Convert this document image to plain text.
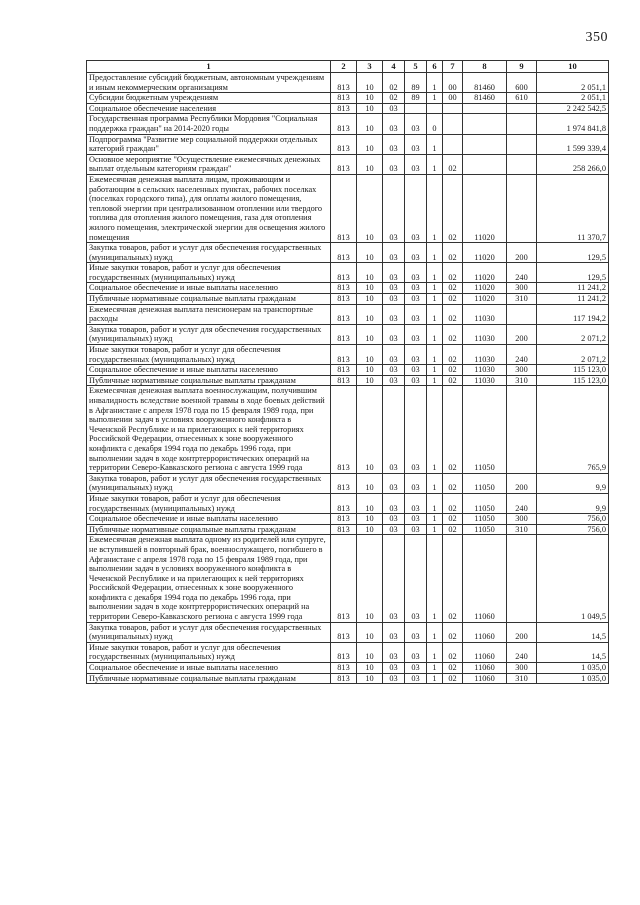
350
1	2	3	4	5	6	7	8	9	10
Предоставление субсидий бюджетным, автономным учреждениям и иным некоммерческим организациям	813	10	02	89	1	00	81460	600	2 051,1
Субсидии бюджетным учреждениям	813	10	02	89	1	00	81460	610	2 051,1
Социальное обеспечение населения	813	10	03						2 242 542,5
Государственная программа Республики Мордовия "Социальная поддержка граждан" на 2014-2020 годы	813	10	03	03	0				1 974 841,8
Подпрограмма "Развитие мер социальной поддержки отдельных категорий граждан"	813	10	03	03	1				1 599 339,4
Основное мероприятие "Осуществление ежемесячных денежных выплат отдельным категориям граждан"	813	10	03	03	1	02			258 266,0
Ежемесячная денежная выплата лицам, проживающим и работающим в сельских населенных пунктах, рабочих поселках (поселках городского типа), для оплаты жилого помещения, тепловой энергии при централизованном отоплении или твердого топлива для отопления жилого помещения, газа для отопления жилого помещения, электрической энергии для освещения жилого помещения	813	10	03	03	1	02	11020		11 370,7
Закупка товаров, работ и услуг для обеспечения государственных (муниципальных) нужд	813	10	03	03	1	02	11020	200	129,5
Иные закупки товаров, работ и услуг для обеспечения государственных (муниципальных) нужд	813	10	03	03	1	02	11020	240	129,5
Социальное обеспечение и иные выплаты населению	813	10	03	03	1	02	11020	300	11 241,2
Публичные нормативные социальные выплаты гражданам	813	10	03	03	1	02	11020	310	11 241,2
Ежемесячная денежная выплата пенсионерам на транспортные расходы	813	10	03	03	1	02	11030		117 194,2
Закупка товаров, работ и услуг для обеспечения государственных (муниципальных) нужд	813	10	03	03	1	02	11030	200	2 071,2
Иные закупки товаров, работ и услуг для обеспечения государственных (муниципальных) нужд	813	10	03	03	1	02	11030	240	2 071,2
Социальное обеспечение и иные выплаты населению	813	10	03	03	1	02	11030	300	115 123,0
Публичные нормативные социальные выплаты гражданам	813	10	03	03	1	02	11030	310	115 123,0
Ежемесячная денежная выплата военнослужащим, получившим инвалидность вследствие военной травмы в ходе боевых действий в Афганистане с апреля 1978 года по 15 февраля 1989 года, при выполнении задач в условиях вооруженного конфликта в Чеченской Республике и на прилегающих к ней территориях Российской Федерации, отнесенных к зоне вооруженного конфликта с декабря 1994 года по декабрь 1996 года, при выполнении задач в ходе контртеррористических операций на территории Северо-Кавказского региона с августа 1999 года	813	10	03	03	1	02	11050		765,9
Закупка товаров, работ и услуг для обеспечения государственных (муниципальных) нужд	813	10	03	03	1	02	11050	200	9,9
Иные закупки товаров, работ и услуг для обеспечения государственных (муниципальных) нужд	813	10	03	03	1	02	11050	240	9,9
Социальное обеспечение и иные выплаты населению	813	10	03	03	1	02	11050	300	756,0
Публичные нормативные социальные выплаты гражданам	813	10	03	03	1	02	11050	310	756,0
Ежемесячная денежная выплата одному из родителей или супруге, не вступившей в повторный брак, военнослужащего, погибшего в Афганистане с апреля 1978 года по 15 февраля 1989 года, при выполнении задач в условиях вооруженного конфликта в Чеченской Республике и на прилегающих к ней территориях Российской Федерации, отнесенных к зоне вооруженного конфликта с декабря 1994 года по декабрь 1996 года, при выполнении задач в ходе контртеррористических операций на территории Северо-Кавказского региона с августа 1999 года	813	10	03	03	1	02	11060		1 049,5
Закупка товаров, работ и услуг для обеспечения государственных (муниципальных) нужд	813	10	03	03	1	02	11060	200	14,5
Иные закупки товаров, работ и услуг для обеспечения государственных (муниципальных) нужд	813	10	03	03	1	02	11060	240	14,5
Социальное обеспечение и иные выплаты населению	813	10	03	03	1	02	11060	300	1 035,0
Публичные нормативные социальные выплаты гражданам	813	10	03	03	1	02	11060	310	1 035,0
